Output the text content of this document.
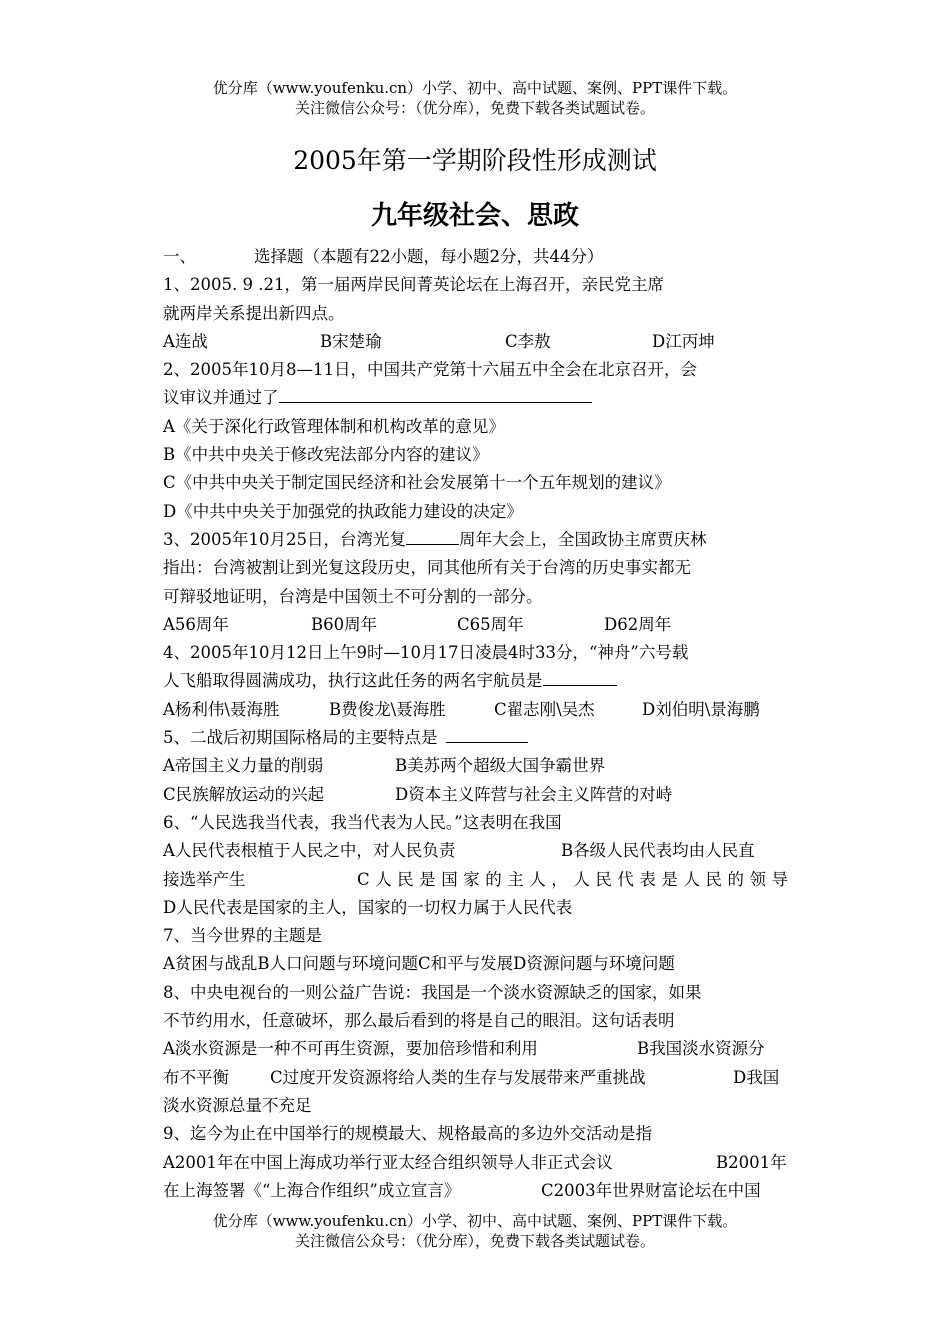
优分库（www.youfenku.cn）小学、初中、高中试题、案例、PPT课件下载。
关注微信公众号：（优分库），免费下载各类试题试卷。
2005年第一学期阶段性形成测试
九年级社会、思政
一、	选择题（本题有22小题，每小题2分，共44分）
1、2005. 9 .21，第一届两岸民间菁英论坛在上海召开，亲民党主席
就两岸关系提出新四点。
A连战	B宋楚瑜	C李敖	D江丙坤
2、2005年10月8—11日，中国共产党第十六届五中全会在北京召开，会
议审议并通过了
A《关于深化行政管理体制和机构改革的意见》
B《中共中央关于修改宪法部分内容的建议》
C《中共中央关于制定国民经济和社会发展第十一个五年规划的建议》
D《中共中央关于加强党的执政能力建设的决定》
3、2005年10月25日，台湾光复	周年大会上，全国政协主席贾庆林
指出：台湾被割让到光复这段历史，同其他所有关于台湾的历史事实都无
可辩驳地证明，台湾是中国领土不可分割的一部分。
A56周年	B60周年	C65周年	D62周年
4、2005年10月12日上午9时—10月17日凌晨4时33分，“神舟”六号载
人飞船取得圆满成功，执行这此任务的两名宇航员是
A杨利伟\聂海胜	B费俊龙\聂海胜	C翟志刚\吴杰	D刘伯明\景海鹏
5、二战后初期国际格局的主要特点是
A帝国主义力量的削弱	B美苏两个超级大国争霸世界
C民族解放运动的兴起	D资本主义阵营与社会主义阵营的对峙
6、“人民选我当代表，我当代表为人民。”这表明在我国
A人民代表根植于人民之中，对人民负责	B各级人民代表均由人民直
接选举产生	C人民是国家的主人，人民代表是人民的领导
D人民代表是国家的主人，国家的一切权力属于人民代表
7、当今世界的主题是
A贫困与战乱B人口问题与环境问题C和平与发展D资源问题与环境问题
8、中央电视台的一则公益广告说：我国是一个淡水资源缺乏的国家，如果
不节约用水，任意破坏，那么最后看到的将是自己的眼泪。这句话表明
A淡水资源是一种不可再生资源，要加倍珍惜和利用	B我国淡水资源分
布不平衡 C过度开发资源将给人类的生存与发展带来严重挑战	D我国
淡水资源总量不充足
9、迄今为止在中国举行的规模最大、规格最高的多边外交活动是指
A2001年在中国上海成功举行亚太经合组织领导人非正式会议	B2001年
在上海签署《“上海合作组织”成立宣言》	C2003年世界财富论坛在中国
优分库（www.youfenku.cn）小学、初中、高中试题、案例、PPT课件下载。
关注微信公众号：（优分库），免费下载各类试题试卷。
